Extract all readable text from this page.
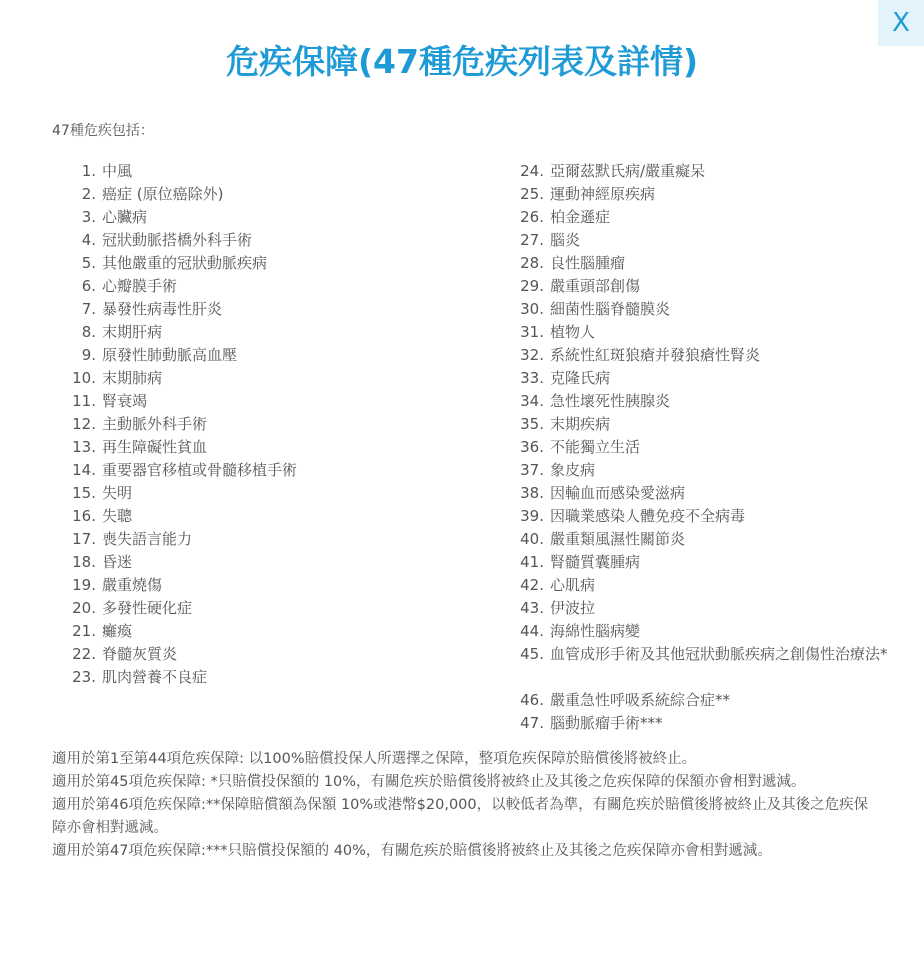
X
危疾保障(47種危疾列表及詳情)
47種危疾包括：
1. 中風
2. 癌症 (原位癌除外)
3. 心臟病
4. 冠狀動脈搭橋外科手術
5. 其他嚴重的冠狀動脈疾病
6. 心瓣膜手術
7. 暴發性病毒性肝炎
8. 末期肝病
9. 原發性肺動脈高血壓
10. 末期肺病
11. 腎衰竭
12. 主動脈外科手術
13. 再生障礙性貧血
14. 重要器官移植或骨髓移植手術
15. 失明
16. 失聰
17. 喪失語言能力
18. 昏迷
19. 嚴重燒傷
20. 多發性硬化症
21. 癱瘓
22. 脊髓灰質炎
23. 肌肉營養不良症
24. 亞爾茲默氏病/嚴重癡呆
25. 運動神經原疾病
26. 柏金遜症
27. 腦炎
28. 良性腦腫瘤
29. 嚴重頭部創傷
30. 細菌性腦脊髓膜炎
31. 植物人
32. 系統性紅斑狼瘡并發狼瘡性腎炎
33. 克隆氏病
34. 急性壞死性胰腺炎
35. 末期疾病
36. 不能獨立生活
37. 象皮病
38. 因輸血而感染愛滋病
39. 因職業感染人體免疫不全病毒
40. 嚴重類風濕性關節炎
41. 腎髓質囊腫病
42. 心肌病
43. 伊波拉
44. 海綿性腦病變
45. 血管成形手術及其他冠狀動脈疾病之創傷性治療法*
46. 嚴重急性呼吸系統綜合症**
47. 腦動脈瘤手術***

適用於第1至第44項危疾保障: 以100%賠償投保人所選擇之保障，整項危疾保障於賠償後將被終止。

適用於第45項危疾保障: *只賠償投保額的 10%，有關危疾於賠償後將被終止及其後之危疾保障的保額亦會相對遞減。

適用於第46項危疾保障:**保障賠償額為保額 10%或港幣$20,000，以較低者為準，有關危疾於賠償後將被終止及其後之危疾保障亦會相對遞減。

適用於第47項危疾保障:***只賠償投保額的 40%，有關危疾於賠償後將被終止及其後之危疾保障亦會相對遞減。
